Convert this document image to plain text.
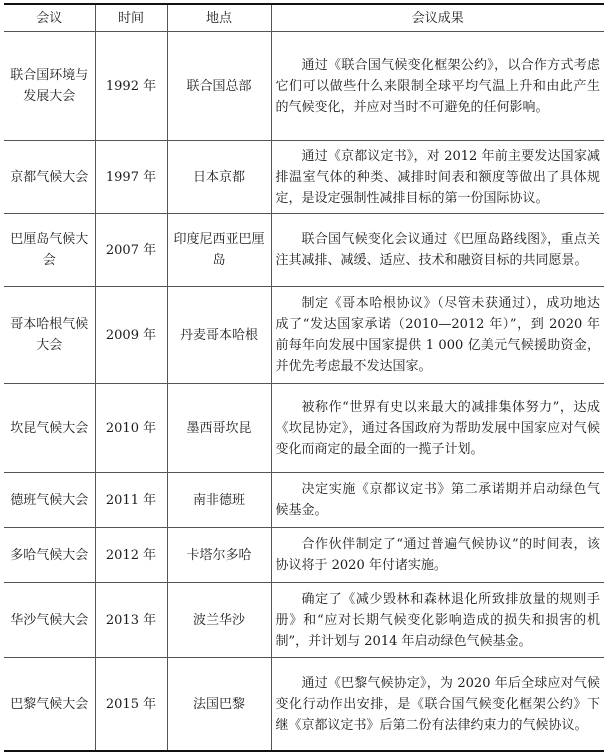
会议	时间	地点	会议成果
联合国环境与发展大会	1992 年	联合国总部	通过《联合国气候变化框架公约》，以合作方式考虑它们可以做些什么来限制全球平均气温上升和由此产生的气候变化，并应对当时不可避免的任何影响。

京都气候大会	1997 年	日本京都	通过《京都议定书》，对 2012 年前主要发达国家减排温室气体的种类、减排时间表和额度等做出了具体规定，是设定强制性减排目标的第一份国际协议。

巴厘岛气候大会	2007 年	印度尼西亚巴厘岛	联合国气候变化会议通过《巴厘岛路线图》，重点关注其减排、减缓、适应、技术和融资目标的共同愿景。

哥本哈根气候大会	2009 年	丹麦哥本哈根	制定《哥本哈根协议》（尽管未获通过），成功地达成了“发达国家承诺（2010—2012 年）”，到 2020 年前每年向发展中国家提供 1 000 亿美元气候援助资金，并优先考虑最不发达国家。

坎昆气候大会	2010 年	墨西哥坎昆	被称作“世界有史以来最大的减排集体努力”，达成《坎昆协定》，通过各国政府为帮助发展中国家应对气候变化而商定的最全面的一揽子计划。

德班气候大会	2011 年	南非德班	决定实施《京都议定书》第二承诺期并启动绿色气候基金。

多哈气候大会	2012 年	卡塔尔多哈	合作伙伴制定了“通过普遍气候协议”的时间表，该协议将于 2020 年付诸实施。

华沙气候大会	2013 年	波兰华沙	确定了《减少毁林和森林退化所致排放量的规则手册》和“应对长期气候变化影响造成的损失和损害的机制”，并计划与 2014 年启动绿色气候基金。

巴黎气候大会	2015 年	法国巴黎	通过《巴黎气候协定》，为 2020 年后全球应对气候变化行动作出安排，是《联合国气候变化框架公约》下继《京都议定书》后第二份有法律约束力的气候协议。
